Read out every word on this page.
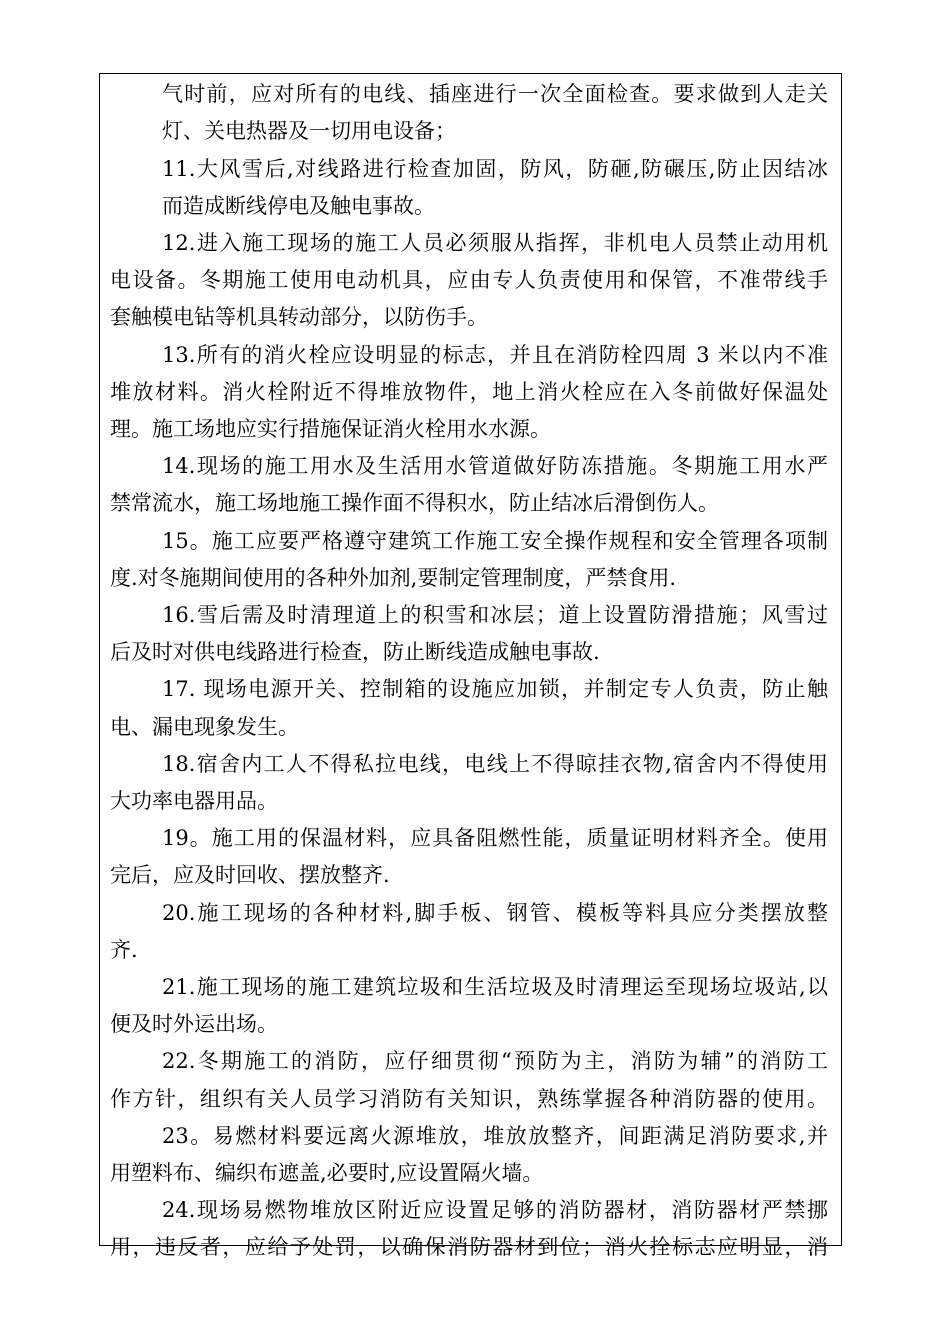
气时前，应对所有的电线、插座进行一次全面检查。要求做到人走关
灯、关电热器及一切用电设备；
11.大风雪后,对线路进行检查加固，防风，防砸,防碾压,防止因结冰
而造成断线停电及触电事故。
12.进入施工现场的施工人员必须服从指挥，非机电人员禁止动用机
电设备。冬期施工使用电动机具，应由专人负责使用和保管，不准带线手
套触模电钻等机具转动部分，以防伤手。
13.所有的消火栓应设明显的标志，并且在消防栓四周 3 米以内不准
堆放材料。消火栓附近不得堆放物件，地上消火栓应在入冬前做好保温处
理。施工场地应实行措施保证消火栓用水水源。
14.现场的施工用水及生活用水管道做好防冻措施。冬期施工用水严
禁常流水，施工场地施工操作面不得积水，防止结冰后滑倒伤人。
15。施工应要严格遵守建筑工作施工安全操作规程和安全管理各项制
度.对冬施期间使用的各种外加剂,要制定管理制度，严禁食用.
16.雪后需及时清理道上的积雪和冰层；道上设置防滑措施；风雪过
后及时对供电线路进行检查，防止断线造成触电事故.
17. 现场电源开关、控制箱的设施应加锁，并制定专人负责，防止触
电、漏电现象发生。
18.宿舍内工人不得私拉电线，电线上不得晾挂衣物,宿舍内不得使用
大功率电器用品。
19。施工用的保温材料，应具备阻燃性能，质量证明材料齐全。使用
完后，应及时回收、摆放整齐.
20.施工现场的各种材料,脚手板、钢管、模板等料具应分类摆放整
齐.
21.施工现场的施工建筑垃圾和生活垃圾及时清理运至现场垃圾站,以
便及时外运出场。
22.冬期施工的消防，应仔细贯彻“预防为主，消防为辅”的消防工
作方针，组织有关人员学习消防有关知识，熟练掌握各种消防器的使用。
23。易燃材料要远离火源堆放，堆放放整齐，间距满足消防要求,并
用塑料布、编织布遮盖,必要时,应设置隔火墙。
24.现场易燃物堆放区附近应设置足够的消防器材，消防器材严禁挪
用，违反者，应给予处罚，以确保消防器材到位；消火拴标志应明显，消
